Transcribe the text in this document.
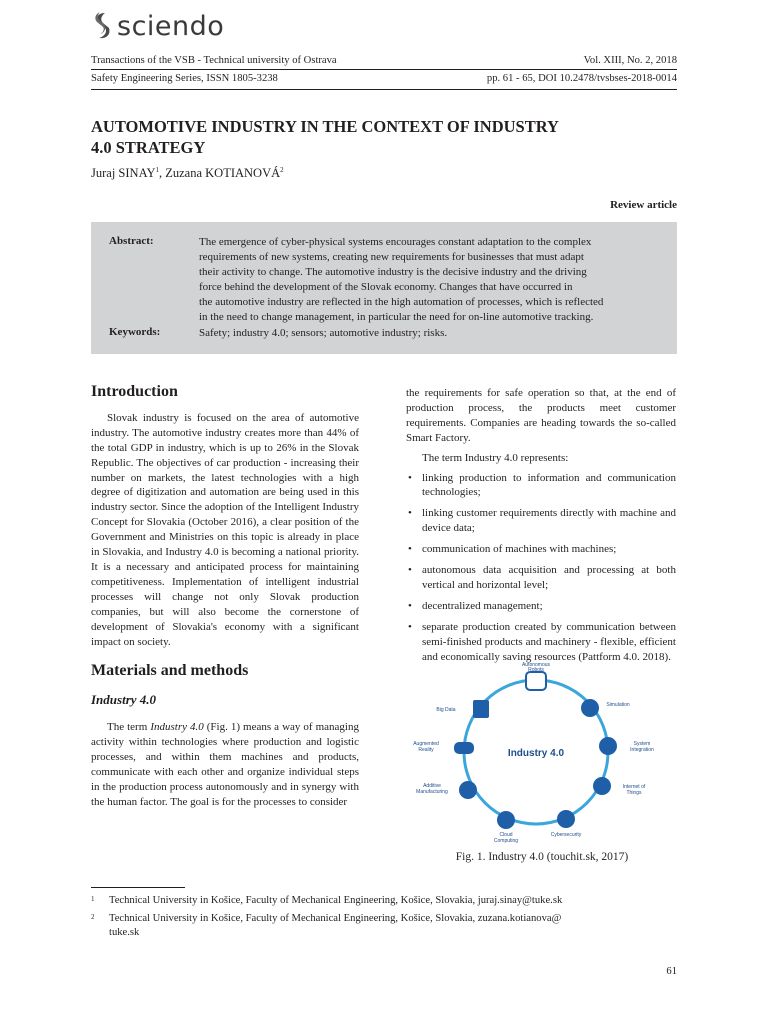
sciendo
Transactions of the VSB - Technical university of Ostrava	Vol. XIII, No. 2, 2018
Safety Engineering Series, ISSN 1805-3238	pp. 61 - 65, DOI 10.2478/tvsbses-2018-0014
AUTOMOTIVE INDUSTRY IN THE CONTEXT OF INDUSTRY
4.0 STRATEGY
Juraj SINAY$^1$, Zuzana KOTIANOVÁ$^2$
Review article
Abstract:	The emergence of cyber-physical systems encourages constant adaptation to the complex
requirements of new systems, creating new requirements for businesses that must adapt
their activity to change. The automotive industry is the decisive industry and the driving
force behind the development of the Slovak economy. Changes that have occurred in
the automotive industry are reflected in the high automation of processes, which is reflected
in the need to change management, in particular the need for on-line automotive tracking.
Keywords:	Safety; industry 4.0; sensors; automotive industry; risks.
Introduction

Slovak industry is focused on the area of automotive industry. The automotive industry creates more than 44% of the total GDP in industry, which is up to 26% in the Slovak Republic. The objectives of car production - increasing their number on markets, the latest technologies with a high degree of digitization and automation are being used in this industry sector. Since the adoption of the Intelligent Industry Concept for Slovakia (October 2016), a clear position of the Government and Ministries on this topic is already in place in Slovakia, and Industry 4.0 is becoming a national priority. It is a necessary and anticipated process for maintaining competitiveness. Implementation of intelligent industrial processes will change not only Slovak production companies, but will also become the cornerstone of development of Slovakia's economy with a significant impact on society.

Materials and methods
Industry 4.0

The term Industry 4.0 (Fig. 1) means a way of managing activity within technologies where production and logistic processes, and within them machines and products, communicate with each other and organize individual steps in the production process autonomously and in synergy with the human factor. The goal is for the processes to consider

the requirements for safe operation so that, at the end of production process, the products meet customer requirements. Companies are heading towards the so-called Smart Factory.

The term Industry 4.0 represents:

• linking production to information and communication technologies;
• linking customer requirements directly with machine and device data;
• communication of machines with machines;
• autonomous data acquisition and processing at both vertical and horizontal level;
• decentralized management;
• separate production created by communication between semi-finished products and machinery - flexible, efficient and economically saving resources (Pattform 4.0. 2018).
Industry 4.0
Autonomous
Robots
Simulation
System
Integration
Internet of
Things
Cybersecurity
Cloud
Computing
Additive
Manufacturing
Augmented
Reality
Big Data
Fig. 1. Industry 4.0 (touchit.sk, 2017)
1 Technical University in Košice, Faculty of Mechanical Engineering, Košice, Slovakia, juraj.sinay@tuke.sk
2 Technical University in Košice, Faculty of Mechanical Engineering, Košice, Slovakia, zuzana.kotianova@
tuke.sk
61
